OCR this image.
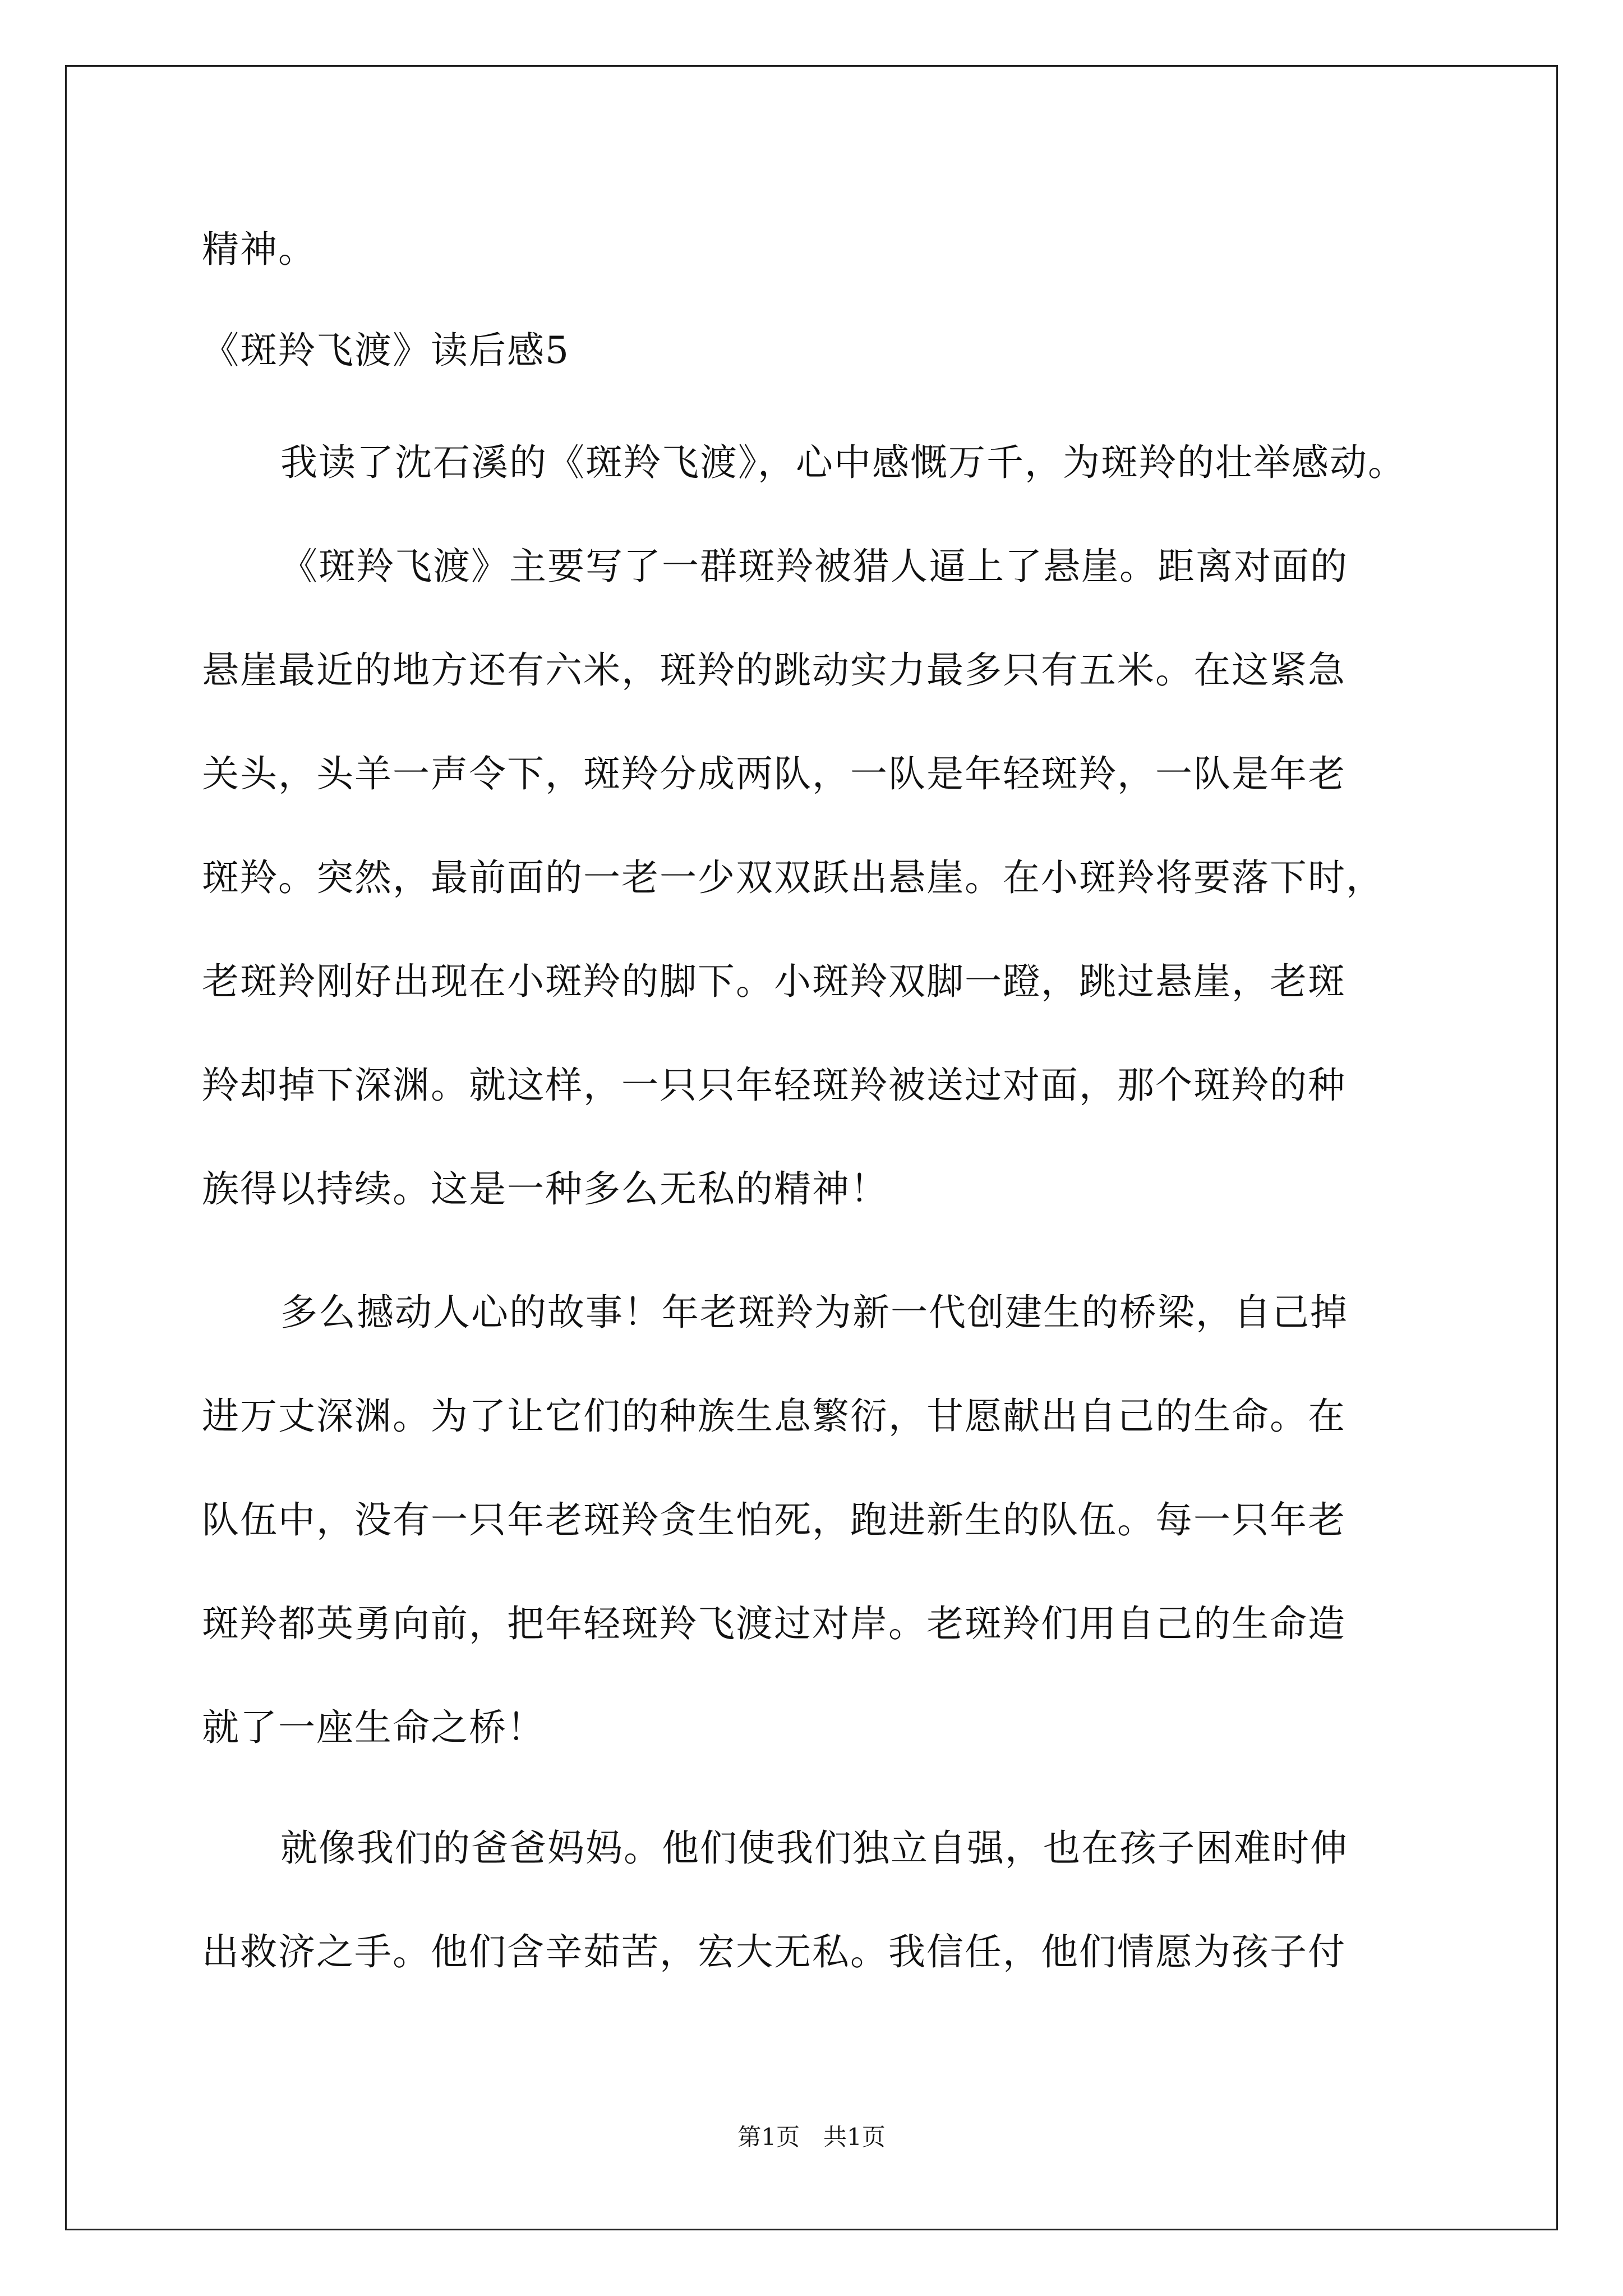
精神。
《斑羚飞渡》读后感5
我读了沈石溪的《斑羚飞渡》，心中感慨万千，为斑羚的壮举感动。
《斑羚飞渡》主要写了一群斑羚被猎人逼上了悬崖。距离对面的
悬崖最近的地方还有六米，斑羚的跳动实力最多只有五米。在这紧急
关头，头羊一声令下，斑羚分成两队，一队是年轻斑羚，一队是年老
斑羚。突然，最前面的一老一少双双跃出悬崖。在小斑羚将要落下时，
老斑羚刚好出现在小斑羚的脚下。小斑羚双脚一蹬，跳过悬崖，老斑
羚却掉下深渊。就这样，一只只年轻斑羚被送过对面，那个斑羚的种
族得以持续。这是一种多么无私的精神！
多么撼动人心的故事！年老斑羚为新一代创建生的桥梁，自己掉
进万丈深渊。为了让它们的种族生息繁衍，甘愿献出自己的生命。在
队伍中，没有一只年老斑羚贪生怕死，跑进新生的队伍。每一只年老
斑羚都英勇向前，把年轻斑羚飞渡过对岸。老斑羚们用自己的生命造
就了一座生命之桥！
就像我们的爸爸妈妈。他们使我们独立自强，也在孩子困难时伸
出救济之手。他们含辛茹苦，宏大无私。我信任，他们情愿为孩子付
第1页　共1页
